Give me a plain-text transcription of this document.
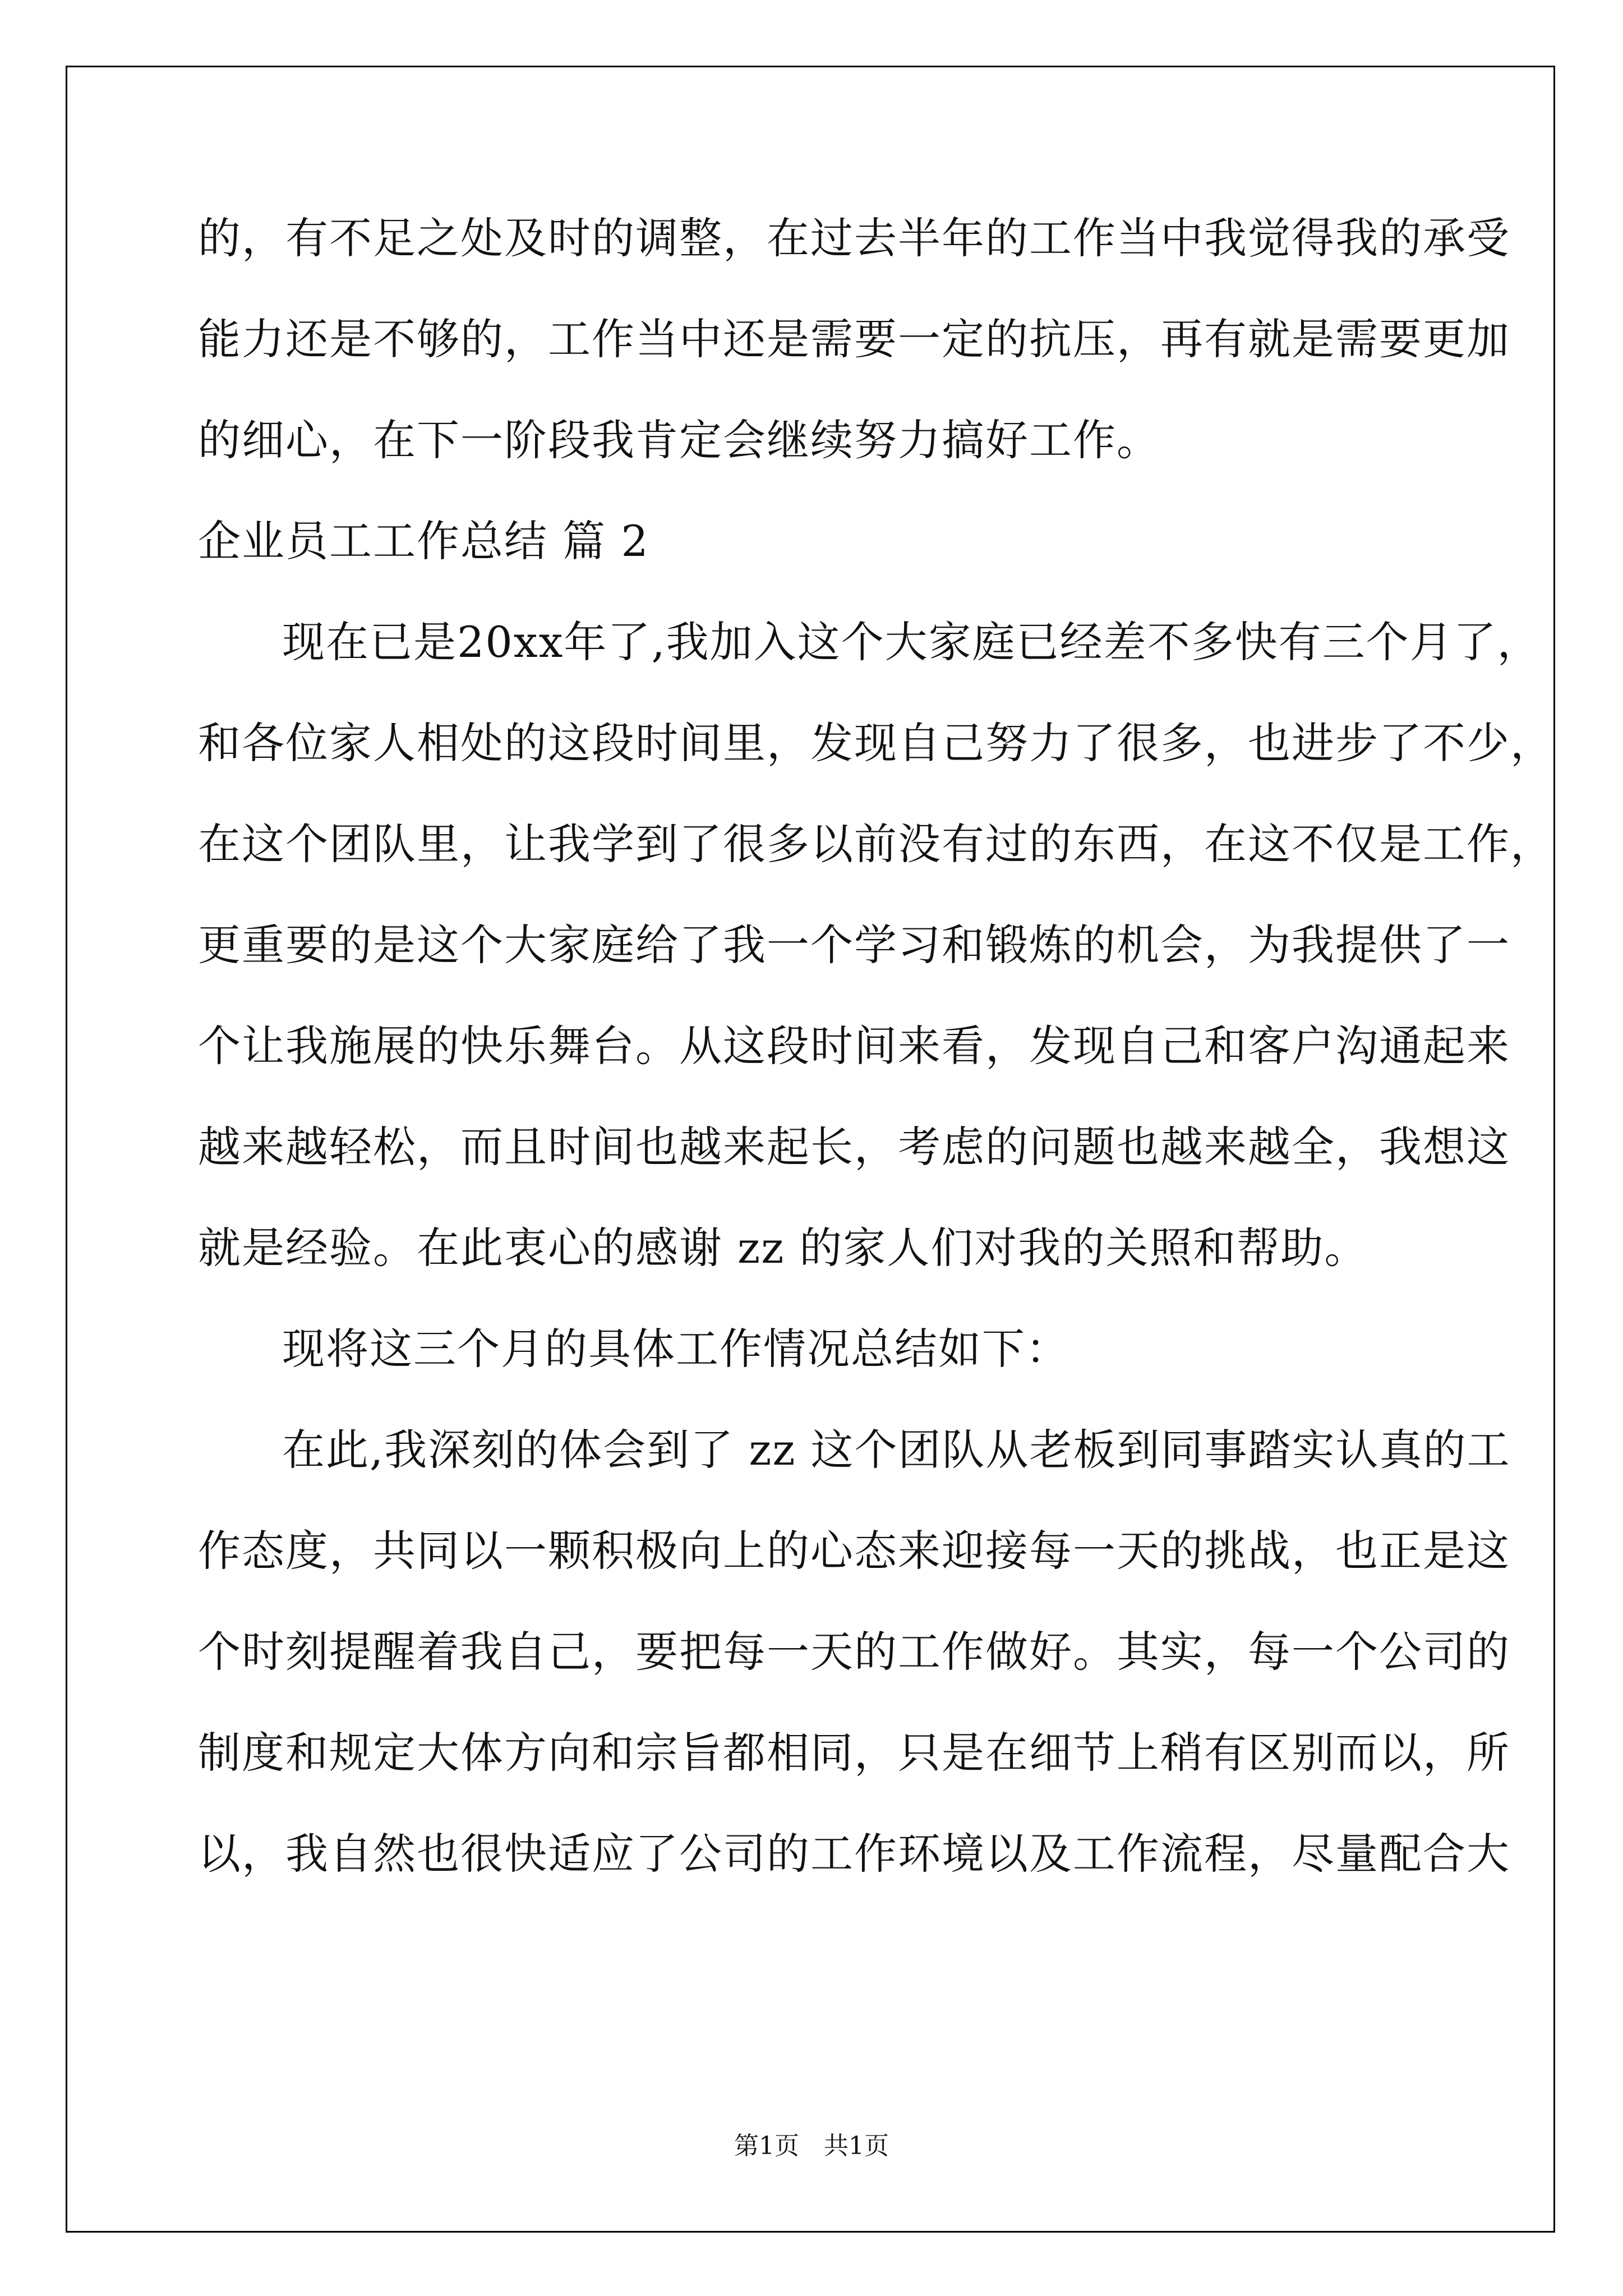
的，有不足之处及时的调整，在过去半年的工作当中我觉得我的承受
能力还是不够的，工作当中还是需要一定的抗压，再有就是需要更加
的细心，在下一阶段我肯定会继续努力搞好工作。
企业员工工作总结 篇 2
现在已是20xx年了,我加入这个大家庭已经差不多快有三个月了，
和各位家人相处的这段时间里，发现自己努力了很多，也进步了不少，
在这个团队里，让我学到了很多以前没有过的东西，在这不仅是工作，
更重要的是这个大家庭给了我一个学习和锻炼的机会，为我提供了一
个让我施展的快乐舞台。从这段时间来看，发现自己和客户沟通起来
越来越轻松，而且时间也越来起长，考虑的问题也越来越全，我想这
就是经验。在此衷心的感谢 zz 的家人们对我的关照和帮助。
现将这三个月的具体工作情况总结如下：
在此,我深刻的体会到了 zz 这个团队从老板到同事踏实认真的工
作态度，共同以一颗积极向上的心态来迎接每一天的挑战，也正是这
个时刻提醒着我自己，要把每一天的工作做好。其实，每一个公司的
制度和规定大体方向和宗旨都相同，只是在细节上稍有区别而以，所
以，我自然也很快适应了公司的工作环境以及工作流程，尽量配合大
第1页　共1页
